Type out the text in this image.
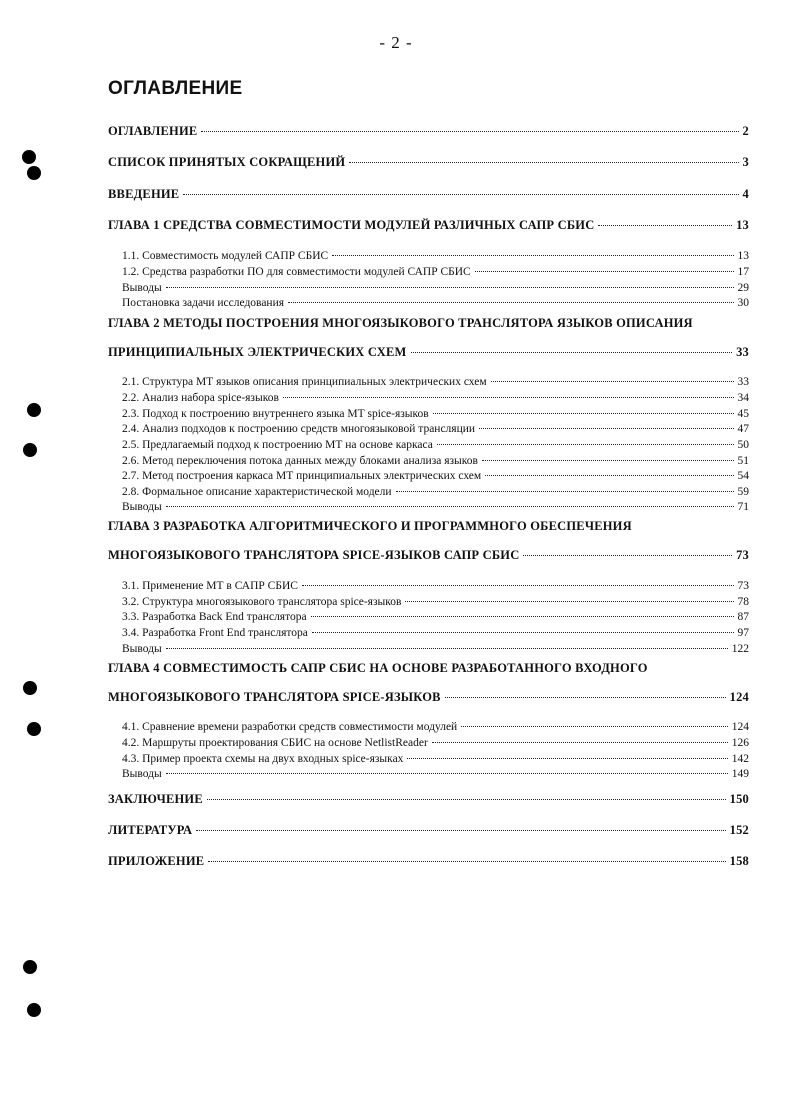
- 2 -
ОГЛАВЛЕНИЕ
ОГЛАВЛЕНИЕ	2
СПИСОК ПРИНЯТЫХ СОКРАЩЕНИЙ	3
ВВЕДЕНИЕ	4
ГЛАВА 1 СРЕДСТВА СОВМЕСТИМОСТИ МОДУЛЕЙ РАЗЛИЧНЫХ САПР СБИС	13
1.1. Совместимость модулей САПР СБИС	13
1.2. Средства разработки ПО для совместимости модулей САПР СБИС	17
Выводы	29
Постановка задачи исследования	30
ГЛАВА 2 МЕТОДЫ ПОСТРОЕНИЯ МНОГОЯЗЫКОВОГО ТРАНСЛЯТОРА ЯЗЫКОВ ОПИСАНИЯ
ПРИНЦИПИАЛЬНЫХ ЭЛЕКТРИЧЕСКИХ СХЕМ	33
2.1. Структура МТ языков описания принципиальных электрических схем	33
2.2. Анализ набора spice-языков	34
2.3. Подход к построению внутреннего языка МТ spice-языков	45
2.4. Анализ подходов к построению средств многоязыковой трансляции	47
2.5. Предлагаемый подход к построению МТ на основе каркаса	50
2.6. Метод переключения потока данных между блоками анализа языков	51
2.7. Метод построения каркаса МТ принципиальных электрических схем	54
2.8. Формальное описание характеристической модели	59
Выводы	71
ГЛАВА 3 РАЗРАБОТКА АЛГОРИТМИЧЕСКОГО И ПРОГРАММНОГО ОБЕСПЕЧЕНИЯ
МНОГОЯЗЫКОВОГО ТРАНСЛЯТОРА SPICE-ЯЗЫКОВ САПР СБИС	73
3.1. Применение МТ в САПР СБИС	73
3.2. Структура многоязыкового транслятора spice-языков	78
3.3. Разработка Back End транслятора	87
3.4. Разработка Front End транслятора	97
Выводы	122
ГЛАВА 4 СОВМЕСТИМОСТЬ САПР СБИС НА ОСНОВЕ РАЗРАБОТАННОГО ВХОДНОГО
МНОГОЯЗЫКОВОГО ТРАНСЛЯТОРА SPICE-ЯЗЫКОВ	124
4.1. Сравнение времени разработки средств совместимости модулей	124
4.2. Маршруты проектирования СБИС на основе NetlistReader	126
4.3. Пример проекта схемы на двух входных spice-языках	142
Выводы	149
ЗАКЛЮЧЕНИЕ	150
ЛИТЕРАТУРА	152
ПРИЛОЖЕНИЕ	158
